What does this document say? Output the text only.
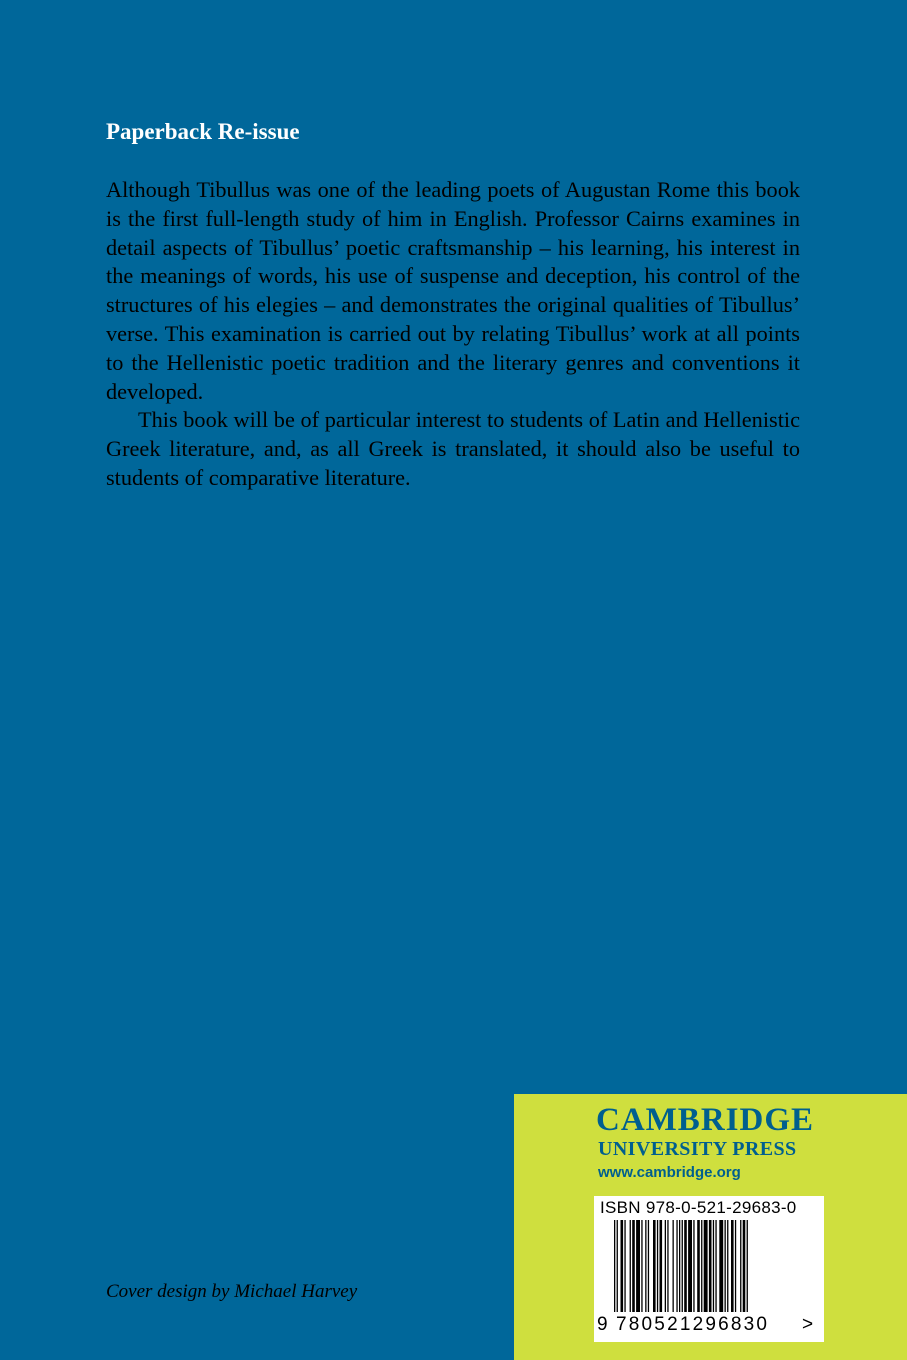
Paperback Re-issue

Although Tibullus was one of the leading poets of Augustan Rome this book is the first full-length study of him in English. Professor Cairns examines in detail aspects of Tibullus’ poetic craftsmanship – his learning, his interest in the meanings of words, his use of suspense and deception, his control of the structures of his elegies – and demonstrates the original qualities of Tibullus’ verse. This examination is carried out by relating Tibullus’ work at all points to the Hellenistic poetic tradition and the literary genres and conventions it developed.

This book will be of particular interest to students of Latin and Hellenistic Greek literature, and, as all Greek is translated, it should also be useful to students of comparative literature.

Cover design by Michael Harvey
CAMBRIDGE
UNIVERSITY PRESS
www.cambridge.org
ISBN 978-0-521-29683-0
9 780521296830 >
